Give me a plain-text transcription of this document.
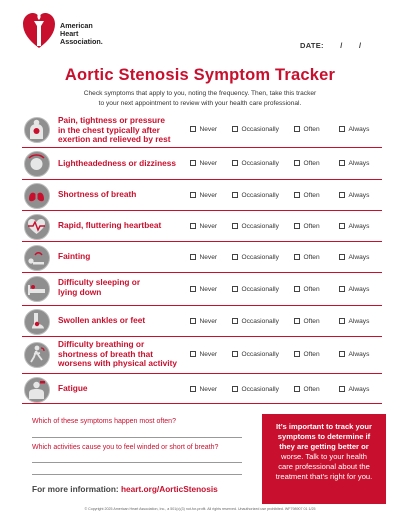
American
Heart
Association.	DATE: / /
Aortic Stenosis Symptom Tracker
Check symptoms that apply to you, noting the frequency. Then, take this tracker
to your next appointment to review with your health care professional.
Pain, tightness or pressure
in the chest typically after
exertion and relieved by rest
Never	Occasionally	Often	Always
Lightheadedness or dizziness	Never	Occasionally	Often	Always
Shortness of breath	Never	Occasionally	Often	Always
Rapid, fluttering heartbeat	Never	Occasionally	Often	Always
Fainting	Never	Occasionally	Often	Always
Difficulty sleeping or
lying down	Never	Occasionally	Often	Always
Swollen ankles or feet	Never	Occasionally	Often	Always
Difficulty breathing or
shortness of breath that
worsens with physical activity
Never	Occasionally	Often	Always
Fatigue	Never	Occasionally	Often	Always
Which of these symptoms happen most often?
Which activities cause you to feel winded or short of breath?
It’s important to track your
symptoms to determine if
they are getting better or
worse. Talk to your health
care professional about the
treatment that’s right for you.
For more information: heart.org/AorticStenosis
© Copyright 2025 American Heart Association, Inc., a 501(c)(3) not-for-profit. All rights reserved. Unauthorized use prohibited. WF798907 01 1/25
